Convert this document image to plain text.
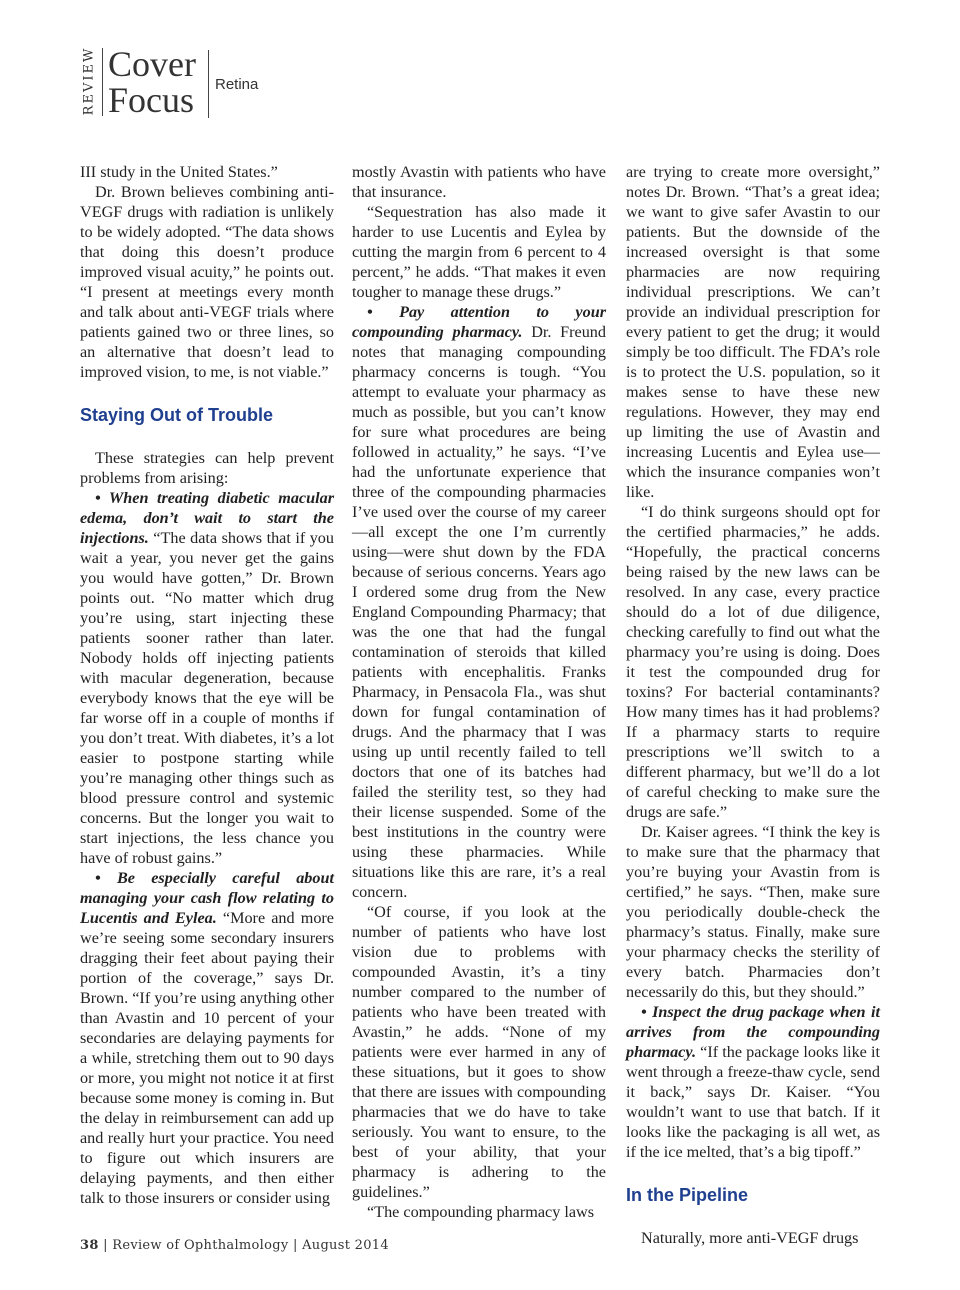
REVIEW Cover
Focus Retina

III study in the United States.”

Dr. Brown believes combining anti-VEGF drugs with radiation is unlikely to be widely adopted. “The data shows that doing this doesn’t produce improved visual acuity,” he points out. “I present at meetings every month and talk about anti-VEGF trials where patients gained two or three lines, so an alternative that doesn’t lead to improved vision, to me, is not viable.”

Staying Out of Trouble

These strategies can help prevent problems from arising:

• When treating diabetic macular edema, don’t wait to start the injections. “The data shows that if you wait a year, you never get the gains you would have gotten,” Dr. Brown points out. “No matter which drug you’re using, start injecting these patients sooner rather than later. Nobody holds off injecting patients with macular degeneration, because everybody knows that the eye will be far worse off in a couple of months if you don’t treat. With diabetes, it’s a lot easier to postpone starting while you’re managing other things such as blood pressure control and systemic concerns. But the longer you wait to start injections, the less chance you have of robust gains.”

• Be especially careful about managing your cash flow relating to Lucentis and Eylea. “More and more we’re seeing some secondary insurers dragging their feet about paying their portion of the coverage,” says Dr. Brown. “If you’re using anything other than Avastin and 10 percent of your secondaries are delaying payments for a while, stretching them out to 90 days or more, you might not notice it at first because some money is coming in. But the delay in reimbursement can add up and really hurt your practice. You need to figure out which insurers are delaying payments, and then either talk to those insurers or consider using

mostly Avastin with patients who have that insurance.

“Sequestration has also made it harder to use Lucentis and Eylea by cutting the margin from 6 percent to 4 percent,” he adds. “That makes it even tougher to manage these drugs.”

• Pay attention to your compounding pharmacy. Dr. Freund notes that managing compounding pharmacy concerns is tough. “You attempt to evaluate your pharmacy as much as possible, but you can’t know for sure what procedures are being followed in actuality,” he says. “I’ve had the unfortunate experience that three of the compounding pharmacies I’ve used over the course of my career—all except the one I’m currently using—were shut down by the FDA because of serious concerns. Years ago I ordered some drug from the New England Compounding Pharmacy; that was the one that had the fungal contamination of steroids that killed patients with encephalitis. Franks Pharmacy, in Pensacola Fla., was shut down for fungal contamination of drugs. And the pharmacy that I was using up until recently failed to tell doctors that one of its batches had failed the sterility test, so they had their license suspended. Some of the best institutions in the country were using these pharmacies. While situations like this are rare, it’s a real concern.

“Of course, if you look at the number of patients who have lost vision due to problems with compounded Avastin, it’s a tiny number compared to the number of patients who have been treated with Avastin,” he adds. “None of my patients were ever harmed in any of these situations, but it goes to show that there are issues with compounding pharmacies that we do have to take seriously. You want to ensure, to the best of your ability, that your pharmacy is adhering to the guidelines.”

“The compounding pharmacy laws

are trying to create more oversight,” notes Dr. Brown. “That’s a great idea; we want to give safer Avastin to our patients. But the downside of the increased oversight is that some pharmacies are now requiring individual prescriptions. We can’t provide an individual prescription for every patient to get the drug; it would simply be too difficult. The FDA’s role is to protect the U.S. population, so it makes sense to have these new regulations. However, they may end up limiting the use of Avastin and increasing Lucentis and Eylea use—which the insurance companies won’t like.

“I do think surgeons should opt for the certified pharmacies,” he adds. “Hopefully, the practical concerns being raised by the new laws can be resolved. In any case, every practice should do a lot of due diligence, checking carefully to find out what the pharmacy you’re using is doing. Does it test the compounded drug for toxins? For bacterial contaminants? How many times has it had problems? If a pharmacy starts to require prescriptions we’ll switch to a different pharmacy, but we’ll do a lot of careful checking to make sure the drugs are safe.”

Dr. Kaiser agrees. “I think the key is to make sure that the pharmacy that you’re buying your Avastin from is certified,” he says. “Then, make sure you periodically double-check the pharmacy’s status. Finally, make sure your pharmacy checks the sterility of every batch. Pharmacies don’t necessarily do this, but they should.”

• Inspect the drug package when it arrives from the compounding pharmacy. “If the package looks like it went through a freeze-thaw cycle, send it back,” says Dr. Kaiser. “You wouldn’t want to use that batch. If it looks like the packaging is all wet, as if the ice melted, that’s a big tipoff.”

In the Pipeline

Naturally, more anti-VEGF drugs

38 | Review of Ophthalmology | August 2014
